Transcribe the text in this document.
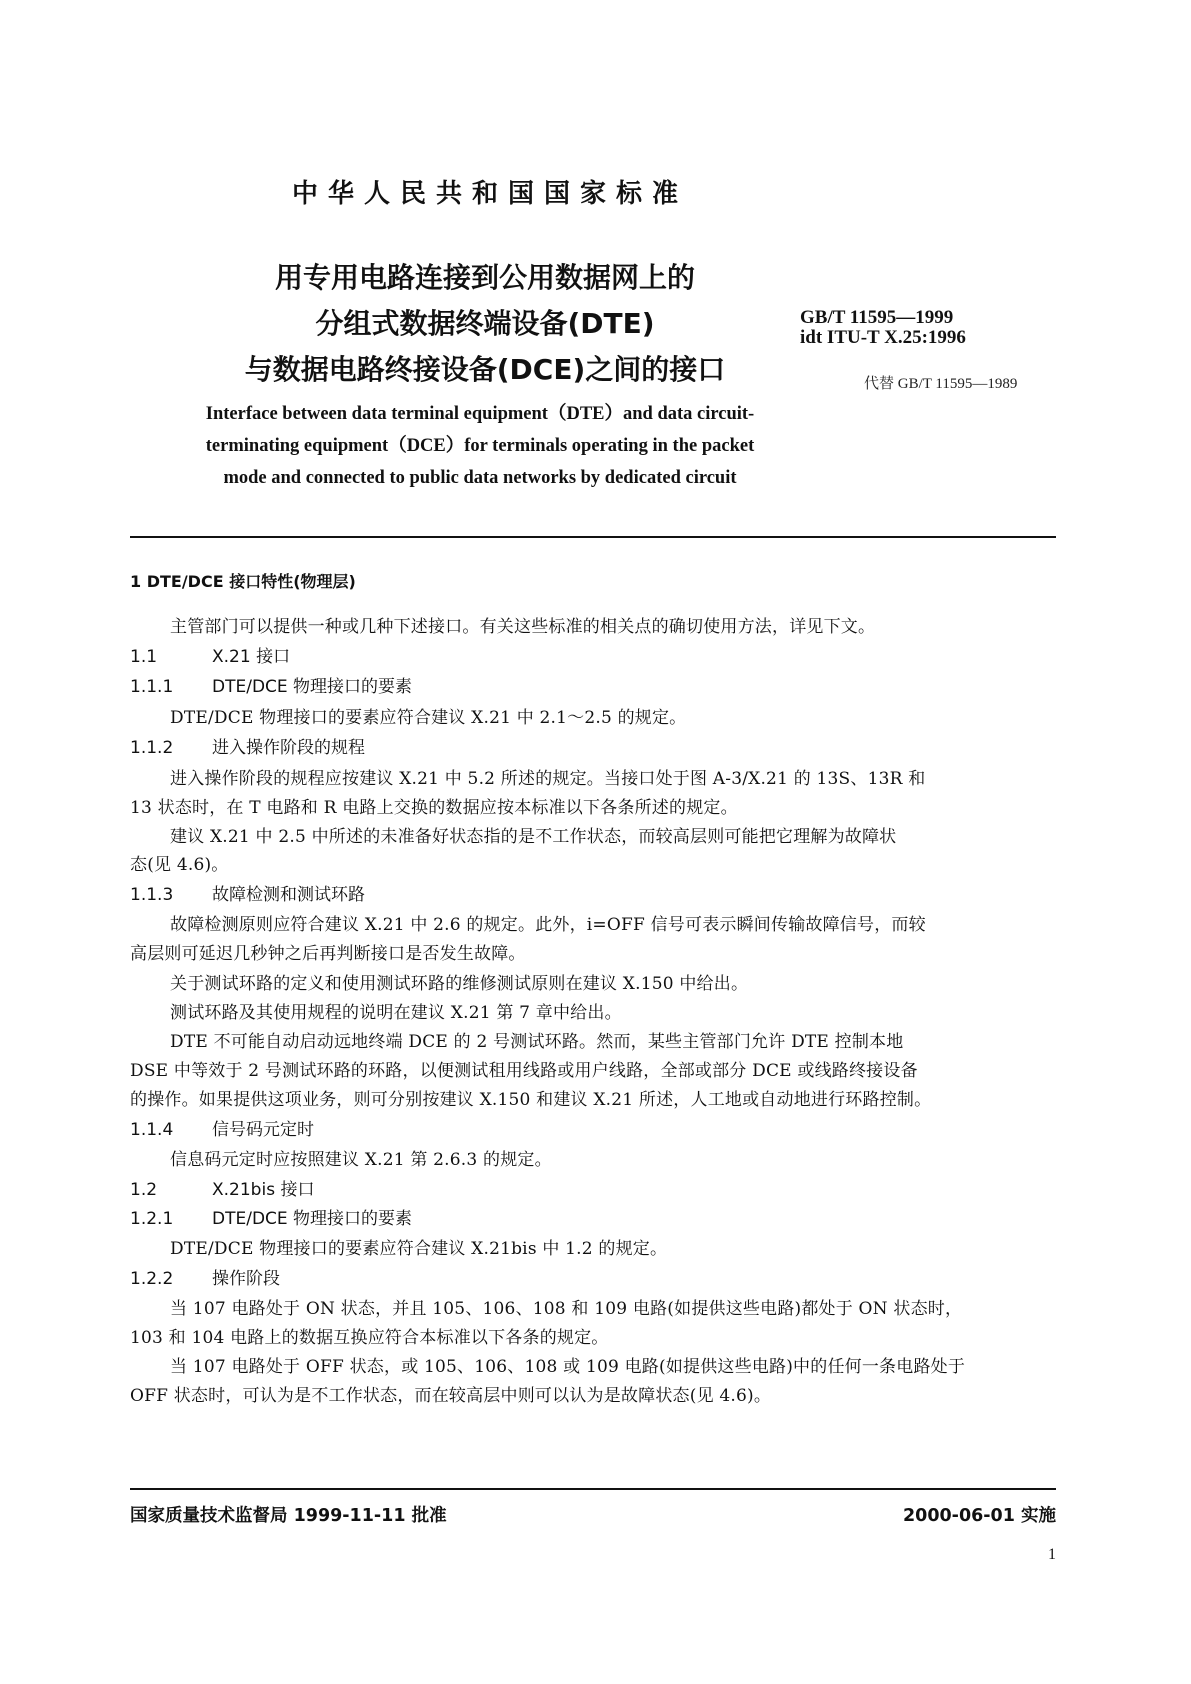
中华人民共和国国家标准
用专用电路连接到公用数据网上的
分组式数据终端设备(DTE)
与数据电路终接设备(DCE)之间的接口
GB/T 11595—1999
idt ITU-T X.25:1996
代替 GB/T 11595—1989
Interface between data terminal equipment（DTE）and data circuit-
terminating equipment（DCE）for terminals operating in the packet
mode and connected to public data networks by dedicated circuit
1 DTE/DCE 接口特性(物理层)
主管部门可以提供一种或几种下述接口。有关这些标准的相关点的确切使用方法，详见下文。
1.1	X.21 接口
1.1.1 DTE/DCE 物理接口的要素
DTE/DCE 物理接口的要素应符合建议 X.21 中 2.1～2.5 的规定。
1.1.2 进入操作阶段的规程
进入操作阶段的规程应按建议 X.21 中 5.2 所述的规定。当接口处于图 A-3/X.21 的 13S、13R 和
13 状态时，在 T 电路和 R 电路上交换的数据应按本标准以下各条所述的规定。
建议 X.21 中 2.5 中所述的未准备好状态指的是不工作状态，而较高层则可能把它理解为故障状
态(见 4.6)。
1.1.3 故障检测和测试环路
故障检测原则应符合建议 X.21 中 2.6 的规定。此外，i=OFF 信号可表示瞬间传输故障信号，而较
高层则可延迟几秒钟之后再判断接口是否发生故障。
关于测试环路的定义和使用测试环路的维修测试原则在建议 X.150 中给出。
测试环路及其使用规程的说明在建议 X.21 第 7 章中给出。
DTE 不可能自动启动远地终端 DCE 的 2 号测试环路。然而，某些主管部门允许 DTE 控制本地
DSE 中等效于 2 号测试环路的环路，以便测试租用线路或用户线路，全部或部分 DCE 或线路终接设备
的操作。如果提供这项业务，则可分别按建议 X.150 和建议 X.21 所述，人工地或自动地进行环路控制。
1.1.4 信号码元定时
信息码元定时应按照建议 X.21 第 2.6.3 的规定。
1.2	X.21bis 接口
1.2.1 DTE/DCE 物理接口的要素
DTE/DCE 物理接口的要素应符合建议 X.21bis 中 1.2 的规定。
1.2.2 操作阶段
当 107 电路处于 ON 状态，并且 105、106、108 和 109 电路(如提供这些电路)都处于 ON 状态时，
103 和 104 电路上的数据互换应符合本标准以下各条的规定。
当 107 电路处于 OFF 状态，或 105、106、108 或 109 电路(如提供这些电路)中的任何一条电路处于
OFF 状态时，可认为是不工作状态，而在较高层中则可以认为是故障状态(见 4.6)。
国家质量技术监督局 1999-11-11 批准	2000-06-01 实施
1
